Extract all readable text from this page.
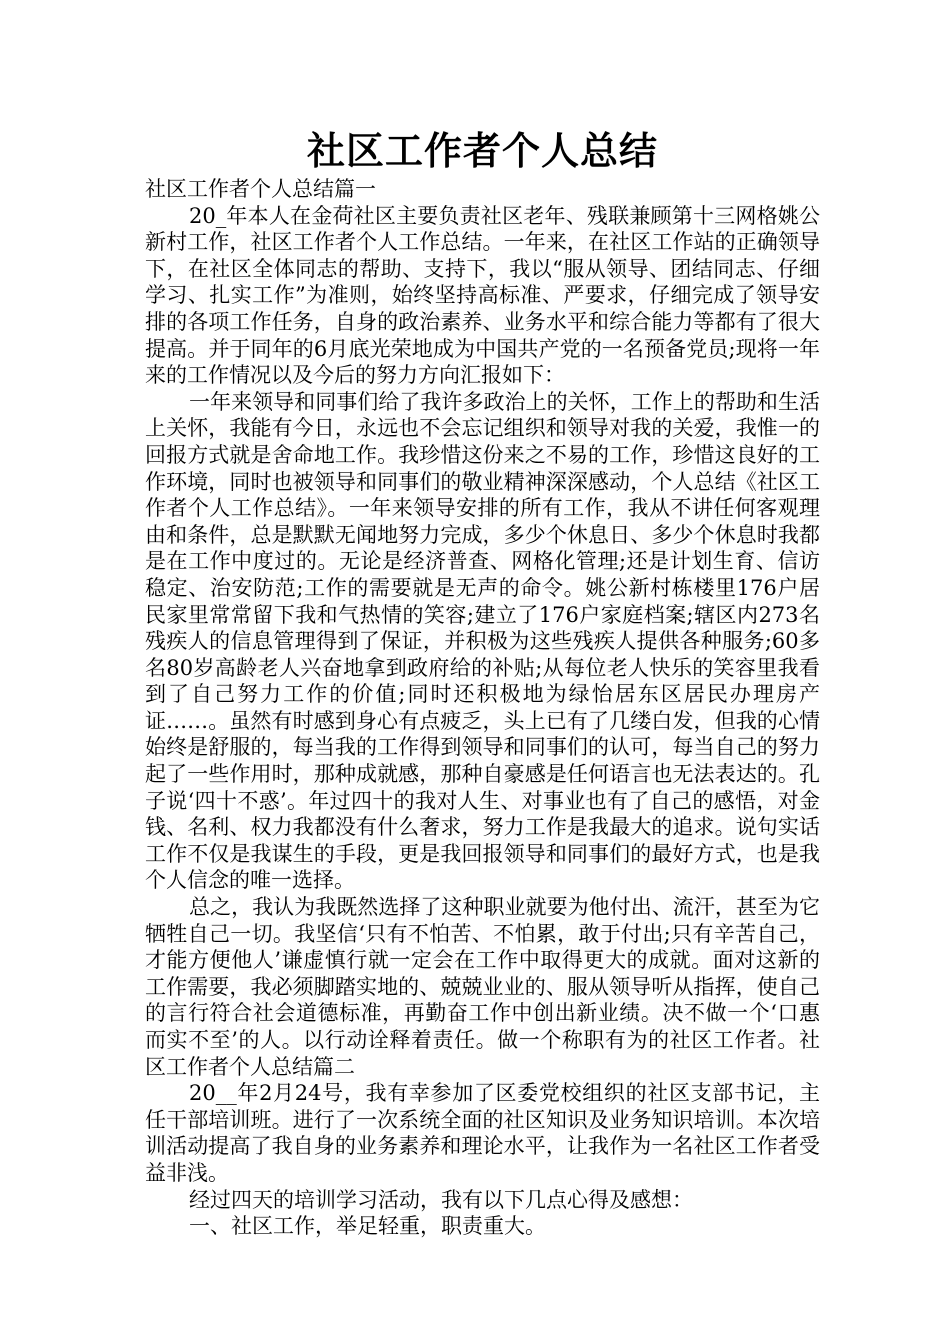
社区工作者个人总结

社区工作者个人总结篇一

20_年本人在金荷社区主要负责社区老年、残联兼顾第十三网格姚公新村工作，社区工作者个人工作总结。一年来，在社区工作站的正确领导下，在社区全体同志的帮助、支持下，我以“服从领导、团结同志、仔细学习、扎实工作”为准则，始终坚持高标准、严要求，仔细完成了领导安排的各项工作任务，自身的政治素养、业务水平和综合能力等都有了很大提高。并于同年的6月底光荣地成为中国共产党的一名预备党员;现将一年来的工作情况以及今后的努力方向汇报如下：

一年来领导和同事们给了我许多政治上的关怀，工作上的帮助和生活上关怀，我能有今日，永远也不会忘记组织和领导对我的关爱，我惟一的回报方式就是舍命地工作。我珍惜这份来之不易的工作，珍惜这良好的工作环境，同时也被领导和同事们的敬业精神深深感动，个人总结《社区工作者个人工作总结》。一年来领导安排的所有工作，我从不讲任何客观理由和条件，总是默默无闻地努力完成，多少个休息日、多少个休息时我都是在工作中度过的。无论是经济普查、网格化管理;还是计划生育、信访稳定、治安防范;工作的需要就是无声的命令。姚公新村栋楼里176户居民家里常常留下我和气热情的笑容;建立了176户家庭档案;辖区内273名残疾人的信息管理得到了保证，并积极为这些残疾人提供各种服务;60多名80岁高龄老人兴奋地拿到政府给的补贴;从每位老人快乐的笑容里我看到了自己努力工作的价值;同时还积极地为绿怡居东区居民办理房产证……。虽然有时感到身心有点疲乏，头上已有了几缕白发，但我的心情始终是舒服的，每当我的工作得到领导和同事们的认可，每当自己的努力起了一些作用时，那种成就感，那种自豪感是任何语言也无法表达的。孔子说‘四十不惑’。年过四十的我对人生、对事业也有了自己的感悟，对金钱、名利、权力我都没有什么奢求，努力工作是我最大的追求。说句实话工作不仅是我谋生的手段，更是我回报领导和同事们的最好方式，也是我个人信念的唯一选择。

总之，我认为我既然选择了这种职业就要为他付出、流汗，甚至为它牺牲自己一切。我坚信‘只有不怕苦、不怕累，敢于付出;只有辛苦自己，才能方便他人’谦虚慎行就一定会在工作中取得更大的成就。面对这新的工作需要，我必须脚踏实地的、兢兢业业的、服从领导听从指挥，使自己的言行符合社会道德标准，再勤奋工作中创出新业绩。决不做一个‘口惠而实不至’的人。以行动诠释着责任。做一个称职有为的社区工作者。社区工作者个人总结篇二

20__年2月24号，我有幸参加了区委党校组织的社区支部书记，主任干部培训班。进行了一次系统全面的社区知识及业务知识培训。本次培训活动提高了我自身的业务素养和理论水平，让我作为一名社区工作者受益非浅。

经过四天的培训学习活动，我有以下几点心得及感想：

一、社区工作，举足轻重，职责重大。
